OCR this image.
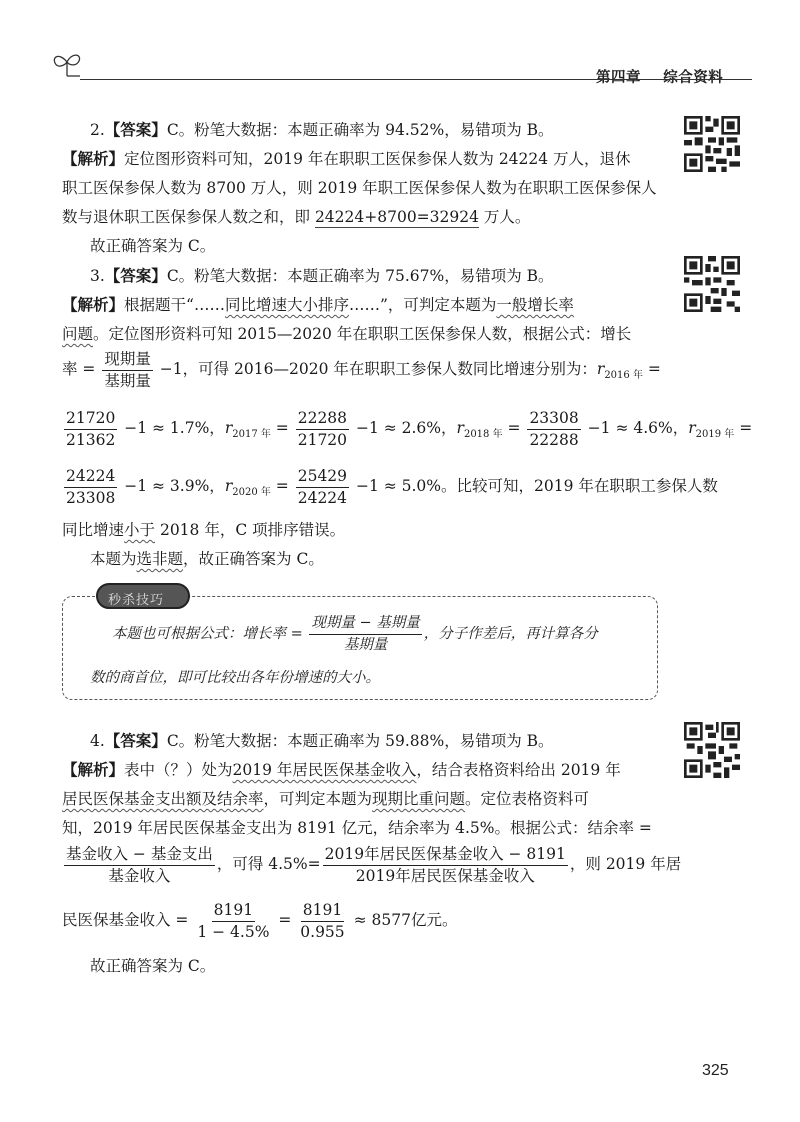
第四章 综合资料
2.【答案】C。粉笔大数据：本题正确率为 94.52%，易错项为 B。
【解析】定位图形资料可知，2019 年在职职工医保参保人数为 24224 万人，退休
职工医保参保人数为 8700 万人，则 2019 年职工医保参保人数为在职职工医保参保人
数与退休职工医保参保人数之和，即 24224+8700=32924 万人。
故正确答案为 C。
3.【答案】C。粉笔大数据：本题正确率为 75.67%，易错项为 B。
【解析】根据题干“……同比增速大小排序……”，可判定本题为一般增长率
问题。定位图形资料可知 2015—2020 年在职职工医保参保人数，根据公式：增长
率 = $\frac{\text{现期量}}{\text{基期量}} -1$，可得 2016—2020 年在职职工参保人数同比增速分别为：$r_{2016 年}$ =
$\frac{21720}{21362} -1 \approx 1.7\%$，$r_{2017 年} = \frac{22288}{21720} -1 \approx 2.6\%$，$r_{2018 年} = \frac{23308}{22288} -1 \approx 4.6\%$，$r_{2019 年}$ =
$\frac{24224}{23308} -1 \approx 3.9\%$，$r_{2020 年} = \frac{25429}{24224} -1 \approx 5.0\%$。比较可知，2019 年在职职工参保人数
同比增速小于 2018 年，C 项排序错误。
本题为选非题，故正确答案为 C。
秒杀技巧
本题也可根据公式：增长率 = $\frac{\text{现期量 − 基期量}}{\text{基期量}}$ ，分子作差后，再计算各分
数的商首位，即可比较出各年份增速的大小。
4.【答案】C。粉笔大数据：本题正确率为 59.88%，易错项为 B。
【解析】表中（？）处为2019 年居民医保基金收入，结合表格资料给出 2019 年
居民医保基金支出额及结余率，可判定本题为现期比重问题。定位表格资料可
知，2019 年居民医保基金支出为 8191 亿元，结余率为 4.5%。根据公式：结余率 =
$\frac{\text{基金收入 − 基金支出}}{\text{基金收入}}$ ，可得 $4.5\%= \frac{\text{2019年居民医保基金收入 − 8191}}{\text{2019年居民医保基金收入}}$ ，则 2019 年居
民医保基金收入 = $\frac{8191}{1 - 4.5\%} = \frac{8191}{0.955} \approx 8577$亿元。
故正确答案为 C。
325
